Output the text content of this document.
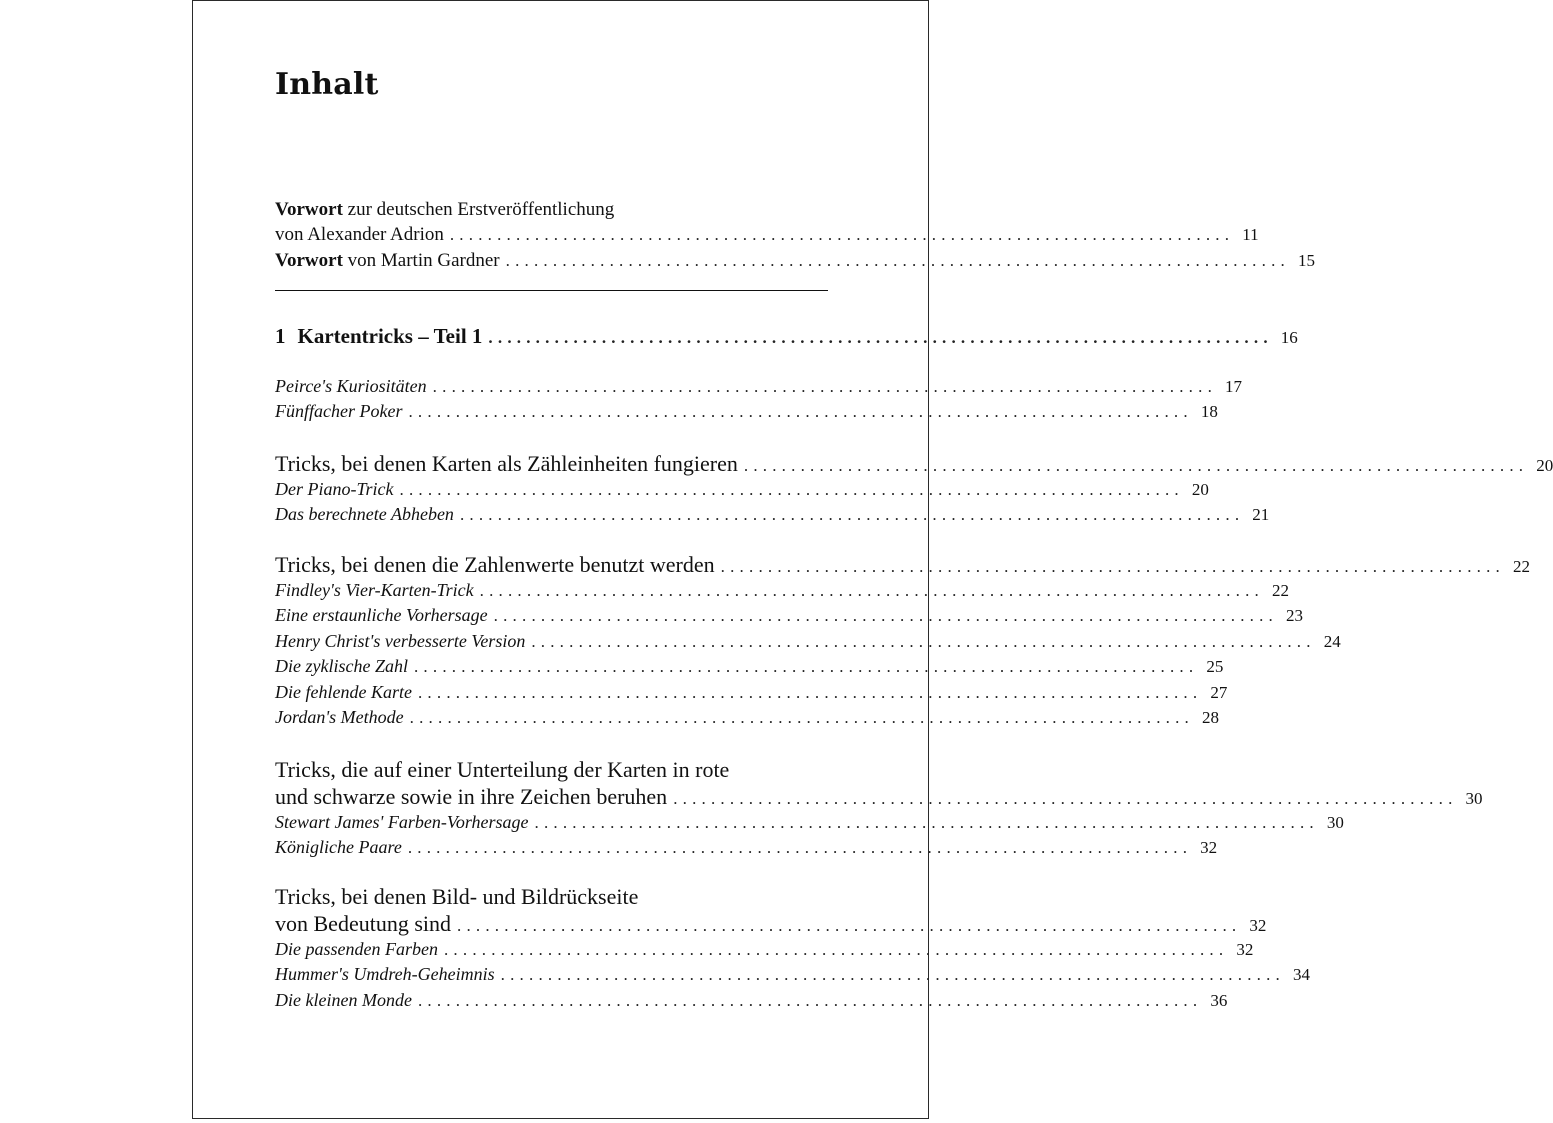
Inhalt
Vorwort zur deutschen Erstveröffentlichung
von Alexander Adrion ................................................................................... 11
Vorwort von Martin Gardner ................................................................................... 15
1 Kartentricks – Teil 1 ................................................................................... 16
Peirce's Kuriositäten ................................................................................... 17
Fünffacher Poker ................................................................................... 18
Tricks, bei denen Karten als Zähleinheiten fungieren ................................................................................... 20
Der Piano-Trick ................................................................................... 20
Das berechnete Abheben ................................................................................... 21
Tricks, bei denen die Zahlenwerte benutzt werden ................................................................................... 22
Findley's Vier-Karten-Trick ................................................................................... 22
Eine erstaunliche Vorhersage ................................................................................... 23
Henry Christ's verbesserte Version ................................................................................... 24
Die zyklische Zahl ................................................................................... 25
Die fehlende Karte ................................................................................... 27
Jordan's Methode ................................................................................... 28
Tricks, die auf einer Unterteilung der Karten in rote
und schwarze sowie in ihre Zeichen beruhen ................................................................................... 30
Stewart James' Farben-Vorhersage ................................................................................... 30
Königliche Paare ................................................................................... 32
Tricks, bei denen Bild- und Bildrückseite
von Bedeutung sind ................................................................................... 32
Die passenden Farben ................................................................................... 32
Hummer's Umdreh-Geheimnis ................................................................................... 34
Die kleinen Monde ................................................................................... 36
